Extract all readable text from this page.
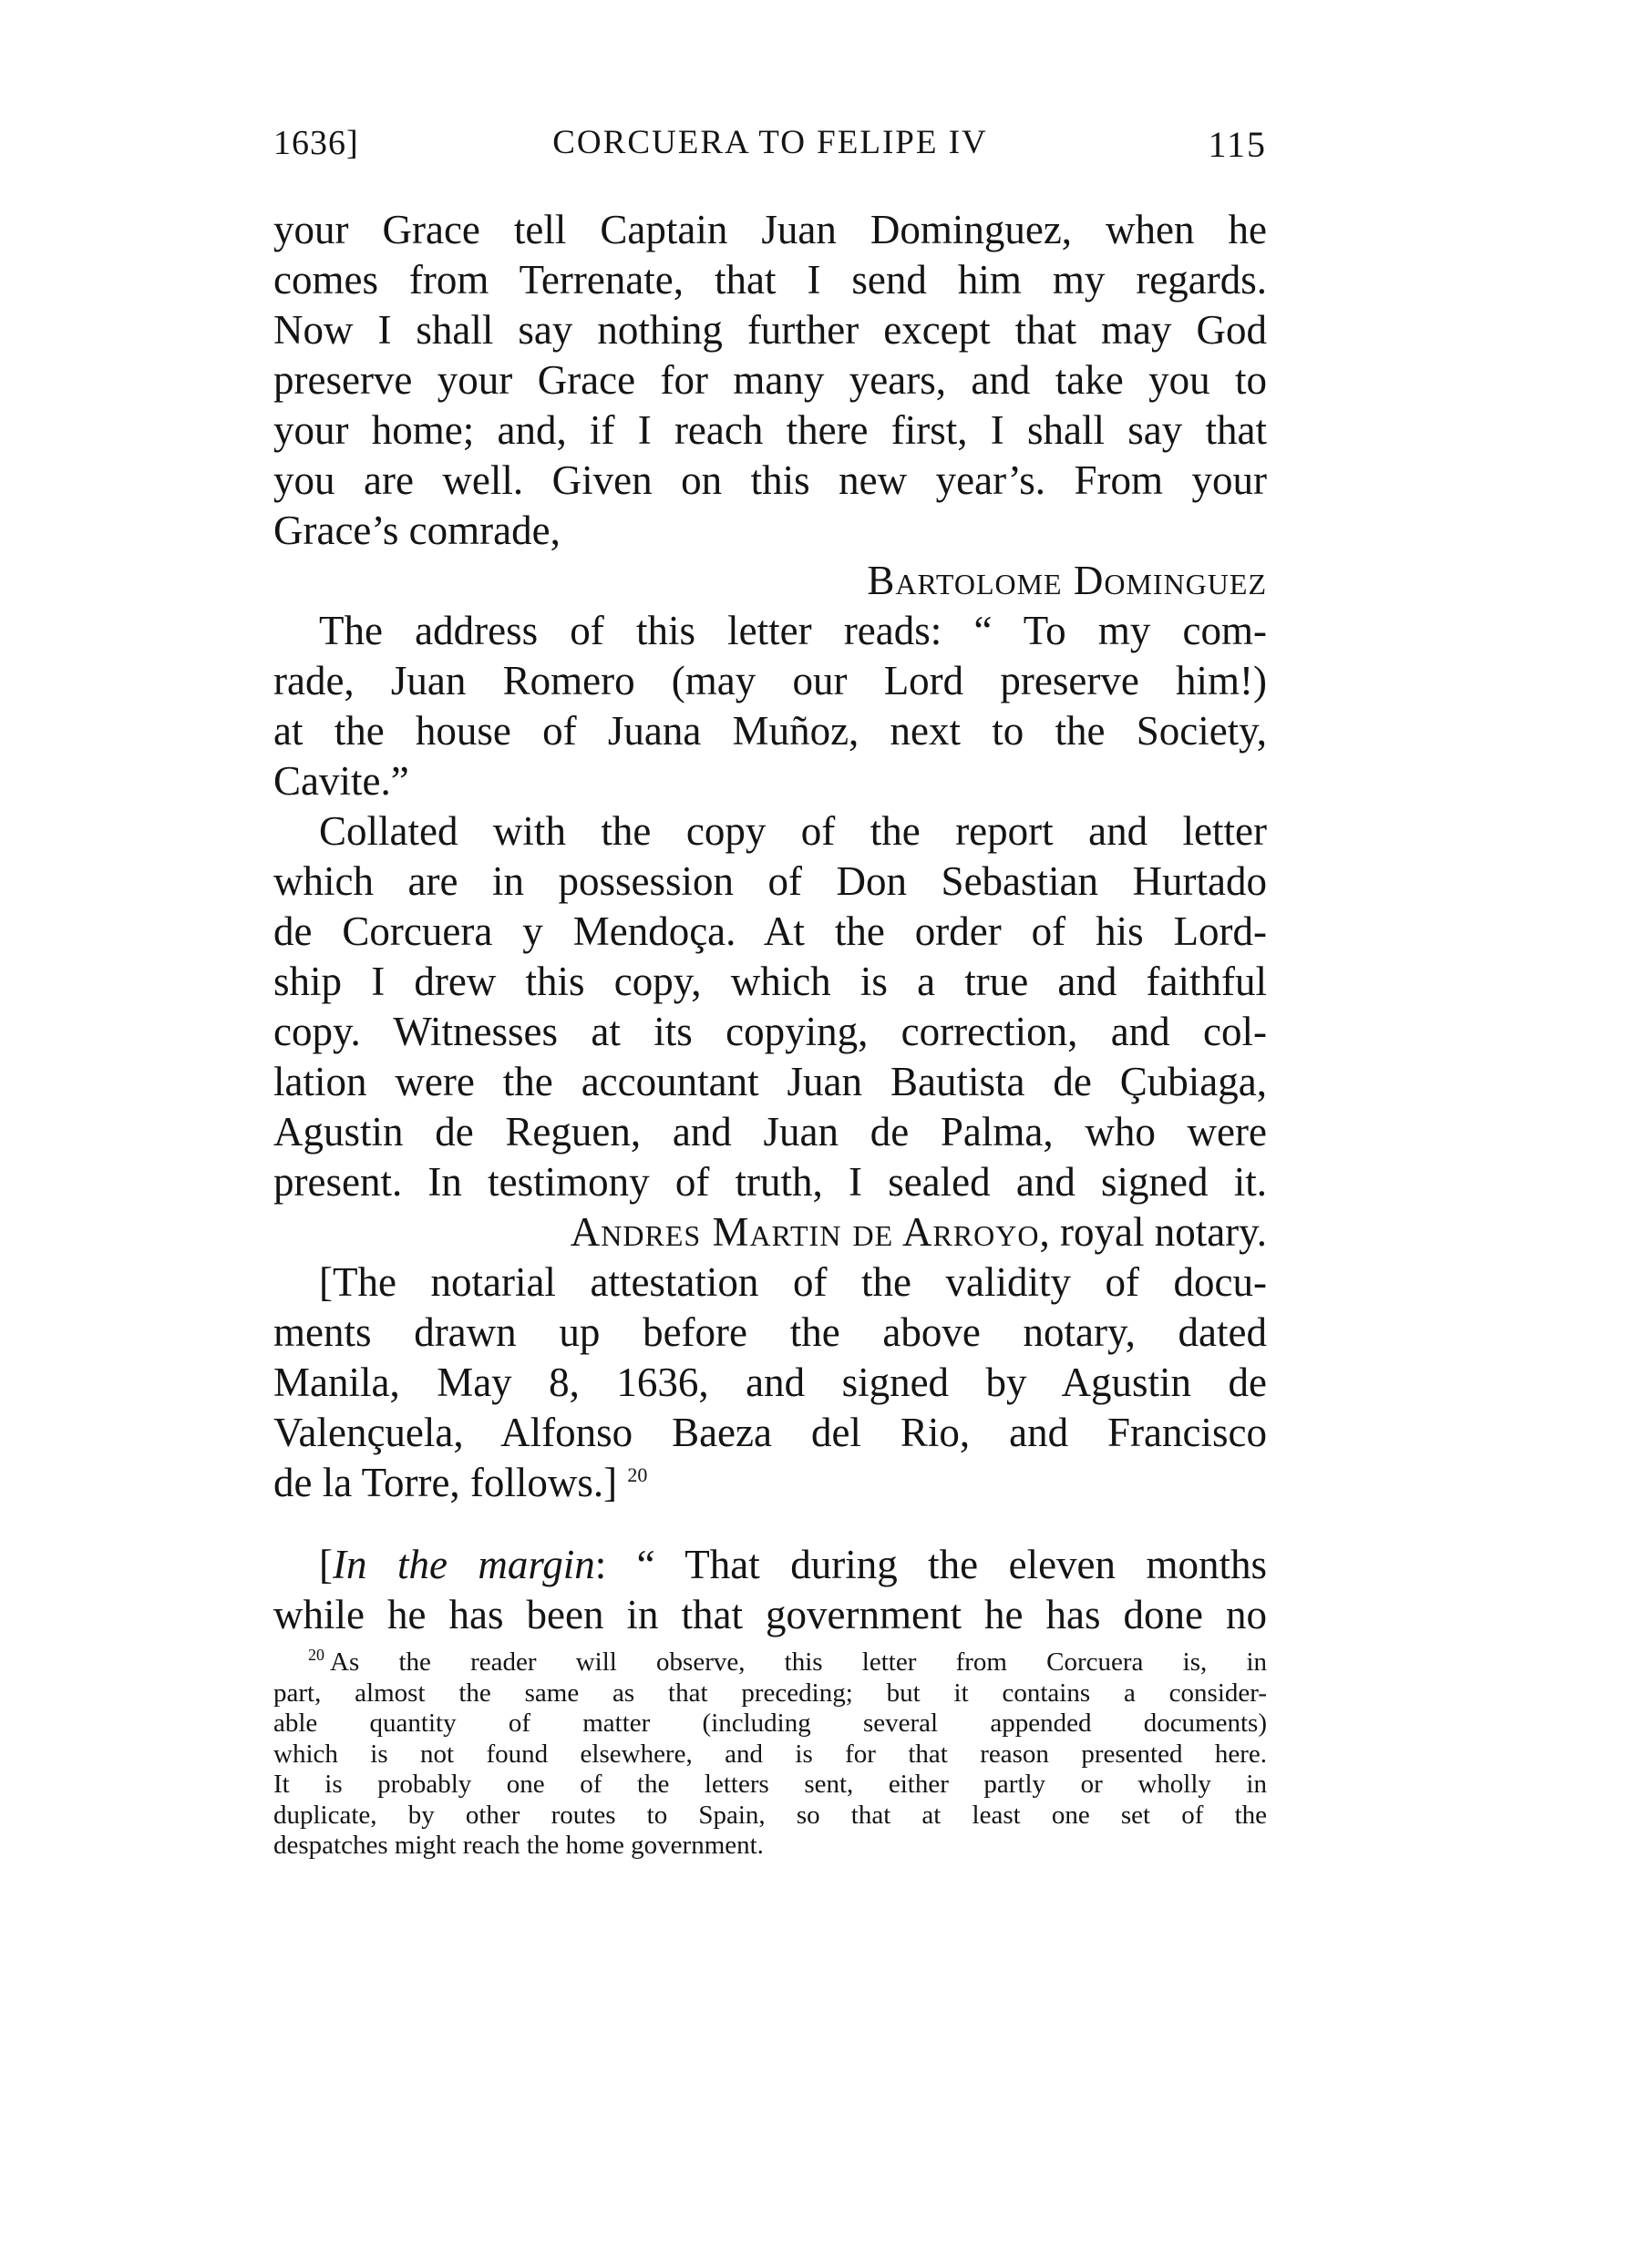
1636]	CORCUERA TO FELIPE IV	115
your Grace tell Captain Juan Dominguez, when he
comes from Terrenate, that I send him my regards.
Now I shall say nothing further except that may God
preserve your Grace for many years, and take you to
your home; and, if I reach there first, I shall say that
you are well. Given on this new year’s. From your
Grace’s comrade,
Bartolome Dominguez
The address of this letter reads: “ To my com-
rade, Juan Romero (may our Lord preserve him!)
at the house of Juana Muñoz, next to the Society,
Cavite.”
Collated with the copy of the report and letter
which are in possession of Don Sebastian Hurtado
de Corcuera y Mendoça. At the order of his Lord-
ship I drew this copy, which is a true and faithful
copy. Witnesses at its copying, correction, and col-
lation were the accountant Juan Bautista de Çubiaga,
Agustin de Reguen, and Juan de Palma, who were
present. In testimony of truth, I sealed and signed it.
Andres Martin de Arroyo, royal notary.
[The notarial attestation of the validity of docu-
ments drawn up before the above notary, dated
Manila, May 8, 1636, and signed by Agustin de
Valençuela, Alfonso Baeza del Rio, and Francisco
de la Torre, follows.] $^{20}$
[In the margin: “ That during the eleven months
while he has been in that government he has done no
$^{20}$ As the reader will observe, this letter from Corcuera is, in
part, almost the same as that preceding; but it contains a consider-
able quantity of matter (including several appended documents)
which is not found elsewhere, and is for that reason presented here.
It is probably one of the letters sent, either partly or wholly in
duplicate, by other routes to Spain, so that at least one set of the
despatches might reach the home government.
